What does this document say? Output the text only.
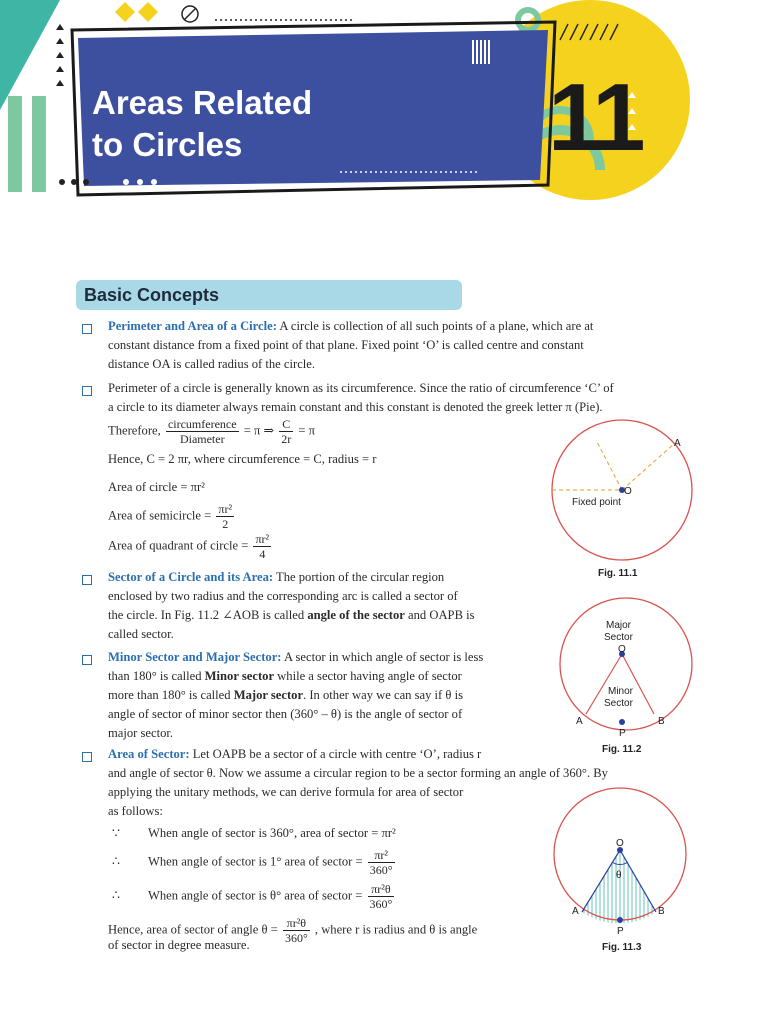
Areas Related
to Circles	11
Basic Concepts
Perimeter and Area of a Circle: A circle is collection of all such points of a plane, which are at
constant distance from a fixed point of that plane. Fixed point ‘O’ is called centre and constant
distance OA is called radius of the circle.
Perimeter of a circle is generally known as its circumference. Since the ratio of circumference ‘C’ of
a circle to its diameter always remain constant and this constant is denoted the greek letter π (Pie).
Therefore, $\frac{\text{circumference}}{\text{Diameter}} = \pi$ ⇒ $\frac{C}{2r} = \pi$
Hence, C = 2 πr, where circumference = C, radius = r
Area of circle = πr²
Area of semicircle = $\frac{\text{πr²}}{2}$
Area of quadrant of circle = $\frac{\text{πr²}}{4}$
Sector of a Circle and its Area: The portion of the circular region
enclosed by two radius and the corresponding arc is called a sector of
the circle. In Fig. 11.2 ∠AOB is called angle of the sector and OAPB is
called sector.
Minor Sector and Major Sector: A sector in which angle of sector is less
than 180° is called Minor sector while a sector having angle of sector
more than 180° is called Major sector. In other way we can say if θ is
angle of sector of minor sector then (360° – θ) is the angle of sector of
major sector.
Area of Sector: Let OAPB be a sector of a circle with centre ‘O’, radius r
and angle of sector θ. Now we assume a circular region to be a sector forming an angle of 360°. By
applying the unitary methods, we can derive formula for area of sector
as follows:
∵ When angle of sector is 360°, area of sector = πr²
∴ When angle of sector is 1° area of sector = $\frac{\text{πr²}}{360^\circ}$
∴ When angle of sector is θ° area of sector = $\frac{\text{πr²θ}}{360^\circ}$
Hence, area of sector of angle $\theta = \frac{\text{πr²θ}}{360^\circ}$ , where r is radius and θ is angle
of sector in degree measure.
A
O
Fixed point
Fig. 11.1
Major
Sector
O
Minor
Sector
A	B
P
Fig. 11.2
O
θ
A	B
P
Fig. 11.3
